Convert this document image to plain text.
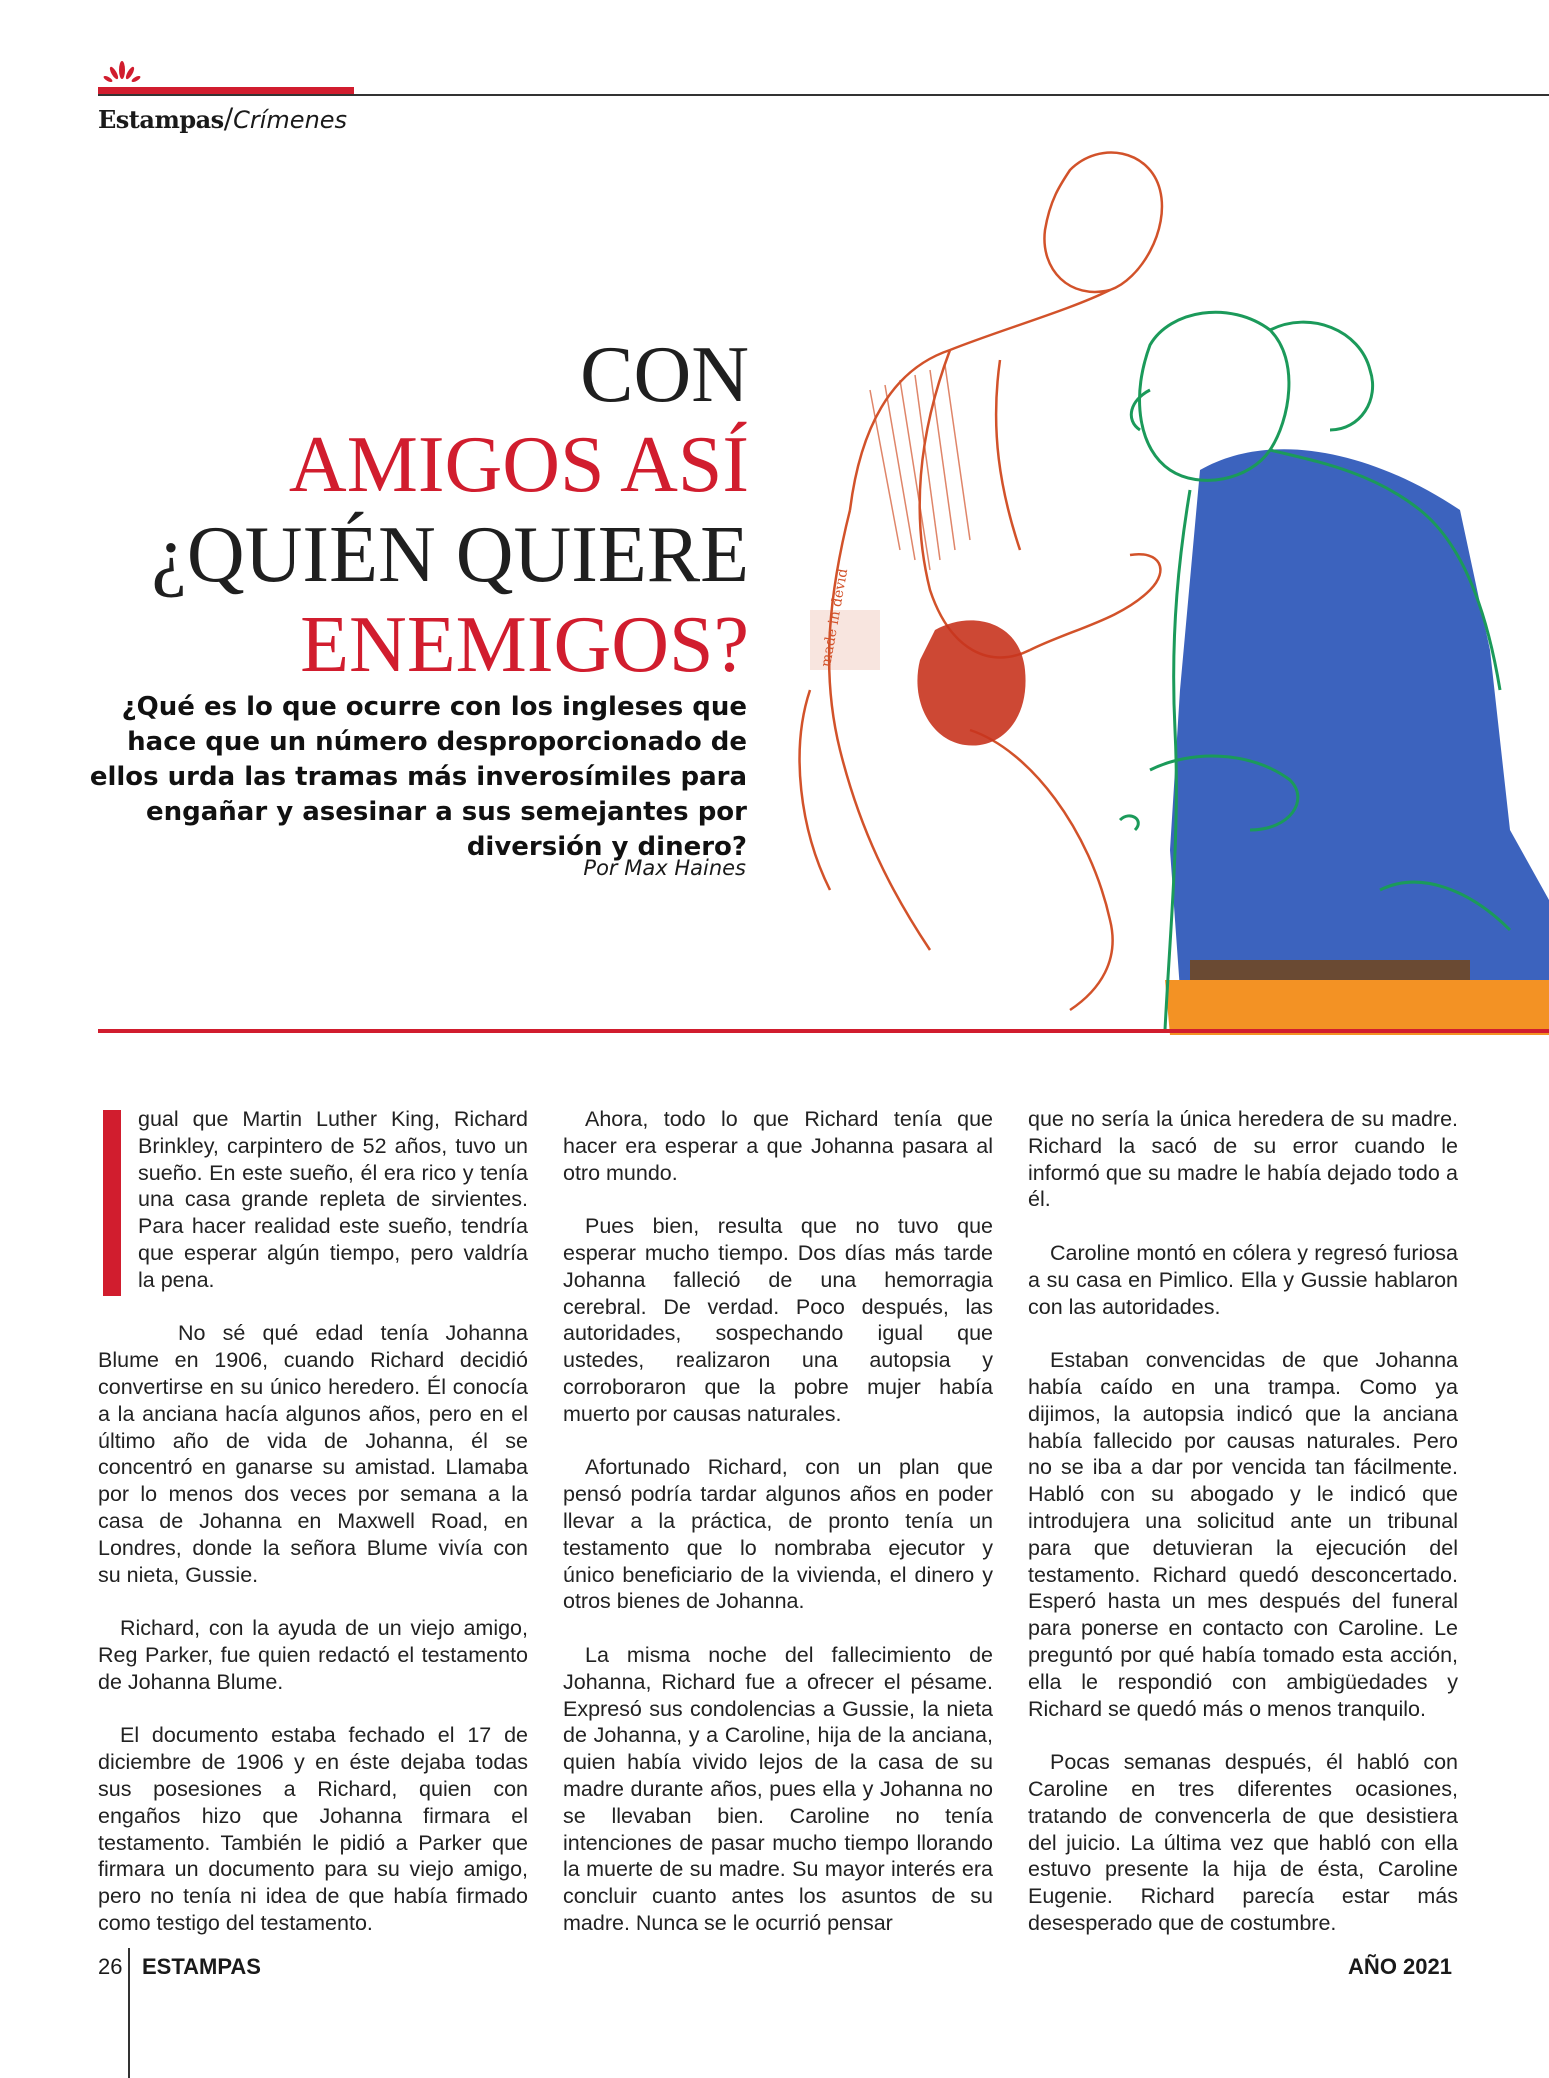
Estampas/Crímenes
made in devid
CON
AMIGOS ASÍ
¿QUIÉN QUIERE
ENEMIGOS?
¿Qué es lo que ocurre con los ingleses que hace que un número desproporcionado de ellos urda las tramas más inverosímiles para engañar y asesinar a sus semejantes por diversión y dinero?
Por Max Haines

gual que Martin Luther King, Richard Brinkley, carpintero de 52 años, tuvo un sueño. En este sueño, él era rico y tenía una casa grande repleta de sirvientes. Para hacer realidad este sueño, tendría que esperar algún tiempo, pero valdría la pena.

No sé qué edad tenía Johanna Blume en 1906, cuando Richard decidió convertirse en su único heredero. Él conocía a la anciana hacía algunos años, pero en el último año de vida de Johanna, él se concentró en ganarse su amistad. Llamaba por lo menos dos veces por semana a la casa de Johanna en Maxwell Road, en Londres, donde la señora Blume vivía con su nieta, Gussie.

Richard, con la ayuda de un viejo amigo, Reg Parker, fue quien redactó el testamento de Johanna Blume.

El documento estaba fechado el 17 de diciembre de 1906 y en éste dejaba todas sus posesiones a Richard, quien con engaños hizo que Johanna firmara el testamento. También le pidió a Parker que firmara un documento para su viejo amigo, pero no tenía ni idea de que había firmado como testigo del testamento.

Ahora, todo lo que Richard tenía que hacer era esperar a que Johanna pasara al otro mundo.

Pues bien, resulta que no tuvo que esperar mucho tiempo. Dos días más tarde Johanna falleció de una hemorragia cerebral. De verdad. Poco después, las autoridades, sospechando igual que ustedes, realizaron una autopsia y corroboraron que la pobre mujer había muerto por causas naturales.

Afortunado Richard, con un plan que pensó podría tardar algunos años en poder llevar a la práctica, de pronto tenía un testamento que lo nombraba ejecutor y único beneficiario de la vivienda, el dinero y otros bienes de Johanna.

La misma noche del fallecimiento de Johanna, Richard fue a ofrecer el pésame. Expresó sus condolencias a Gussie, la nieta de Johanna, y a Caroline, hija de la anciana, quien había vivido lejos de la casa de su madre durante años, pues ella y Johanna no se llevaban bien. Caroline no tenía intenciones de pasar mucho tiempo llorando la muerte de su madre. Su mayor interés era concluir cuanto antes los asuntos de su madre. Nunca se le ocurrió pensar

que no sería la única heredera de su madre. Richard la sacó de su error cuando le informó que su madre le había dejado todo a él.

Caroline montó en cólera y regresó furiosa a su casa en Pimlico. Ella y Gussie hablaron con las autoridades.

Estaban convencidas de que Johanna había caído en una trampa. Como ya dijimos, la autopsia indicó que la anciana había fallecido por causas naturales. Pero no se iba a dar por vencida tan fácilmente. Habló con su abogado y le indicó que introdujera una solicitud ante un tribunal para que detuvieran la ejecución del testamento. Richard quedó desconcertado. Esperó hasta un mes después del funeral para ponerse en contacto con Caroline. Le preguntó por qué había tomado esta acción, ella le respondió con ambigüedades y Richard se quedó más o menos tranquilo.

Pocas semanas después, él habló con Caroline en tres diferentes ocasiones, tratando de convencerla de que desistiera del juicio. La última vez que habló con ella estuvo presente la hija de ésta, Caroline Eugenie. Richard parecía estar más desesperado que de costumbre.

26 ESTAMPAS	AÑO 2021
